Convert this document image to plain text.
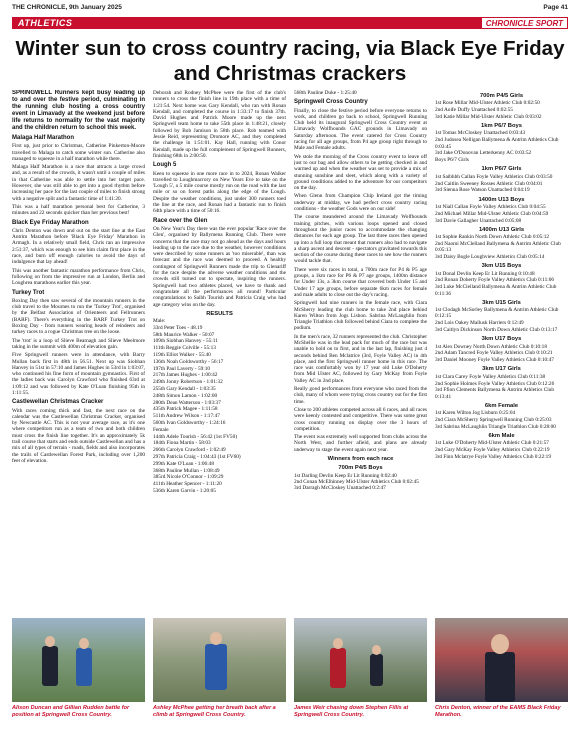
THE CHRONICLE, 9th January 2025	Page 41
ATHLETICS	CHRONICLE SPORT
Winter sun to cross country racing, via Black Eye Friday and Christmas crackers

SPRINGWELL Runners kept busy leading up to and over the festive period, culminating in the running club hosting a cross country event in Limavady at the weekend just before life returns to normality for the vast majority and the children return to school this week.

Malaga Half Marathon

First up, just prior to Christmas, Catherine Pinkerton-Moore travelled to Malaga to catch some winter sun. Catherine also managed to squeeze in a half marathon while there.

Malaga Half Marathon is a race that attracts a large crowd and, as a result of the crowds, it wasn't until a couple of miles in that Catherine was able to settle into her target pace. However, she was still able to get into a good rhythm before increasing her pace for the last couple of miles to finish strong with a negative split and a fantastic time of 1:41:20.

This was a half marathon personal best for Catherine, 3 minutes and 22 seconds quicker than her previous best!

Black Eye Friday Marathon

Chris Denton was down and out on the start line at the East Antrim Marathon before 'Black Eye Friday' Marathon in Armagh. In a relatively small field, Chris ran an impressive 2:51:37, which was enough to see him claim first place in the race, and burn off enough calories to avoid the days of indulgence that lay ahead!

This was another fantastic marathon performance from Chris, following on from the impressive run at London, Berlin and Loughrea marathons earlier this year.

Turkey Trot

Boxing Day then saw several of the mountain runners in the club travel to the Mournes to run the 'Turkey Trot', organised by the Belfast Association of Orienteers and Fellrunners (BARF). There's everything in the BARF Turkey Trot on Boxing Day - from runners wearing heads of reindeers and turkey races to a rogue Christmas tree on the loose.

The 'trot' is a loop of Slieve Bearnagh and Slieve Meelmore taking in the summit with 400m of elevation gain.

Five Springwell runners were in attendance, with Barry Mullan back first in 48th in 56.51. Next up was Siobhan Hanvey in 51st in 57:10 and James Hughes in 53rd in 1:03:07, who continued his fine form of mountain gymnastics. First of the ladies back was Carolyn Crawford who finished 63rd at 1:09:12 and was followed by Kate O'Loan finishing 95th in 1:11:55.

Castlewellan Christmas Cracker

With races coming thick and fast, the next race on the calendar was the Castlewellan Christmas Cracker, organised by Newcastle AC. This is not your average race, as it's one where competitors run as a team of two and both children must cross the finish line together. It's an approximately 5k trail course that starts and ends outside Castlewellan and has a mix of all types of terrain - roads, fields and also incorporates the trails of Castlewellan Forest Park, including over 1,200 feet of elevation.

Deborah and Rodney McPhee were the first of the club's runners to cross the finish line in 19th place with a time of 1:21:54. Next home was Gary Kendall, who ran with Ronan Kendall, and completed the course in 1:33:17 to finish 37th. David Hughes and Patrick Moore made up the next Springwell team home to take 55th place in 1:48:21, closely followed by Bob Jamison in 58th place. Rob teamed with Jessie Reid, representing Dromore AC, and they completed the challenge in 1:51:01. Kay Hall, running with Conor Kendall, made up the full complement of Springwell Runners, finishing 68th in 2:00:50.

Lough 5

Keen to squeeze in one more race in to 2024, Ronan Walker travelled to Loughmacrory on New Years Eve to take on the 'Lough 5', a 5 mile course mostly run on the road with the last mile or so on forest paths along the edge of the Lough. Despite the weather conditions, just under 300 runners toed the line at the race, and Ronan had a fantastic run to finish 64th place with a time of 50:16.

Race over the Glen

On New Year's Day there was the ever popular 'Race over the Glen', organised by Ballymena Running Club. There were concerns that the race may not go ahead as the days and hours leading up to the race due to the weather, however conditions were described by some runners as 'too miserable', than was forecast and the race was deemed to proceed. A healthy contingent of Springwell Runners made the trip to Glenariff for the race despite the adverse weather conditions and the crowds still turned out to spectate, inspiring the runners. Springwell had two athletes placed, we have to thank and congratulate all the performances all round! Particular congratulations to Saibh Tourish and Patricia Craig who had age category wins on the day.

RESULTS
Male:
33rd Peter Toes - 48.19
58th Maurice Walker - 50:07
109th Siobhan Hanvey - 55:11
111th Reggie Colville - 55:13
119th Elliot Walker - 55:40
136th Noah Goldsworthy - 56:17
197th Paul Laverty - 59:10
217th James Hughes - 1:00:42
249th Jonny Robertson - 1:01:32
255th Gary Kendall - 1:03:35
248th Simon Lamon - 1:02:00
280th Dean Watterson - 1:03:37
435th Patrick Magee - 1:11:58
511th Andrew Wilson - 1:17:47
560th Ivan Goldsworthy - 1:24:16
Female
144th Adele Tourish - 56:42 (1st FV50)
184th Fiona Martin - 58:03
266th Carolyn Crawford - 1:02:49
297th Patricia Craig - 1:04:43 (1st FV60)
299th Kate O'Loan - 1:06:48
368th Pauline Mullan - 1:08:49
385rd Nicole O'Connor - 1:09:29
411th Heather Spencer - 1:11:20
536th Karen Garvin - 1:20:05

568th Pauline Duke - 1:25:40

Springwell Cross Country

Finally, to close the festive period before everyone returns to work, and children go back to school, Springwell Running Club held its inaugural Springwell Cross Country event at Limavady Wolfhounds GAC grounds in Limavady on Saturday afternoon. The event catered for Cross Country racing for all age groups, from P4 age group right through to Male and Female adults.

We stole the morning of the Cross country event to leave off just to our bag and allow others to be getting checked in and warmed up and when the weather was set to provide a mix of stunning sunshine and sleet, which along with a variety of ground conditions added to the adventure for our competitors on the day.

When Glenn from Champion Chip Ireland got the timing underway at midday, we had perfect cross country racing conditions - the weather Gods were on our side!

The course meandered around the Limavady Wolfhounds training pitches, with various loops opened and closed throughout the junior races to accommodate the changing distances for each age group. The last three races then opened up into a full loop that meant that runners also had to navigate a sharp ascent and descent - spectators gravitated towards this section of the course during these races to see how the runners would tackle that.

There were six races in total, a 700m race for P4 & P5 age groups, a 1km race for P6 & P7 age groups, 1400m distance for Under 13s, a 3km course that covered both Under 15 and Under 17 age groups, before separate 6km races for female and male adults to close out the day's racing.

Springwell had nine runners in the female race, with Ciara McSherry leading the club home to take 2nd place behind Karen Wilton from Jogs Lisbon. Sabrina McLaughlin from Triangle Triathlon club followed behind Ciara to complete the podium.

In the men's race, 32 runners represented the club. Christopher McShellie was in the lead pack for much of the race but was unable to hold on to first, and in the last lap, finishing just 4 seconds behind Ben Mclatrice (3rd, Foyle Valley AC) in 4th place, and the first Springwell runner home in this race. The race was comfortably won by 17 year old Luke O'Doherty from Mid Ulster AC, followed by Gary McKay from Foyle Valley AC in 2nd place.

Really good performances from everyone who raced from the club, many of whom were trying cross country out for the first time.

Close to 200 athletes competed across all 6 races, and all races were keenly contested and competitive. There was some great cross country running on display over the 3 hours of competition.

The event was extremely well supported from clubs across the North West, and further afield, and plans are already underway to stage the event again next year.

Winners from each race
700m P4/5 Boys
1st Darling Devlin Keep Er Lit Running 0:02:40
2nd Conan McElhinney Mid-Ulster Athletics Club 0:02:45
3rd Darragh McCloskey Unattached 0:2:47
700m P4/5 Girls
1st Rose Millar Mid-Ulster Athletic Club 0:02:50
2nd Aoife Duffy Unattached 0:02:55
3rd Katie Millar Mid-Ulster Athletic Club 0:03:02
1km P6/7 Boys
1st Tomas McCloskey Unattached 0:03:43
2nd Judosea Nelligan Ballymena & Antrim Athletics Club 0:03:45
3rd Jake O'Donovan Letterkenny AC 0:03:52
Boys P6/7 Girls
1km P6/7 Girls
1st Saibhbh Callan Foyle Valley Athletics Club 0:03:50
2nd Caitlin Sweeney Rosses Athletic Club 0:04:01
3rd Sienna Rose Watson Unattached 0:04:19
1400m U13 Boys
1st Niall Callan Foyle Valley Athletics Club 0:04:55
2nd Michael Millar Mid-Ulster Athletic Club 0:04:59
3rd Davie Gallagher Unattached 0:05:08
1400m U13 Girls
1st Sophie Rankin North Down Athletic Club 0:05:12
2nd Naomi McClelland Ballymena & Antrim Athletic Club 0:05:13
3rd Daisy Bogle Loughview Athletics Club 0:05:14
3km U15 Boys
1st Donal Devlin Keep Er Lit Running 0:10:48
2nd Ronan Doherty Foyle Valley Athletics Club 0:11:06
3rd Luke McClelland Ballymena & Antrim Athletic Club 0:11:36
3km U15 Girls
1st Clodagh McSorley Ballymena & Antrim Athletic Club 0:12:15
2nd Lois Oakey Mallusk Harriers 0:12:49
3rd Caitlyn Dickinson North Down Athletic Club 0:13:17
3km U17 Boys
1st Alex Downey North Down Athletic Club 0:10:18
2nd Adam Tancred Foyle Valley Athletics Club 0:10:21
3rd Daniel Mooney Foyle Valley Athletics Club 0:10:47
3km U17 Girls
1st Clara Carey Foyle Valley Athletics Club 0:11:38
2nd Sophie Holmes Foyle Valley Athletics Club 0:12:26
3rd Ffion Clements Ballymena & Antrim Athletics Club 0:13:41
6km Female
1st Karen Wilton Jog Lisburn 0:25:04
2nd Ciara McSherry Springwell Running Club 0:25:03
3rd Sabrina McLaughlin Triangle Triathlon Club 0:28:00
6km Male
1st Luke O'Doherty Mid-Ulster Athletic Club 0:21:57
2nd Gary McKay Foyle Valley Athletics Club 0:22:19
3rd Finn Mclatrye Foyle Valley Athletics Club 0:22:19
Alison Duncan and Gillian Rudden battle for position at Springwell Cross Country.
Ashley McPhee getting her breath back after a climb at Springwell Cross Country.
James Weir chasing down Stephen Fillis at Springwell Cross Country.
Chris Denton, winner of the EAMS Black Friday Marathon.
